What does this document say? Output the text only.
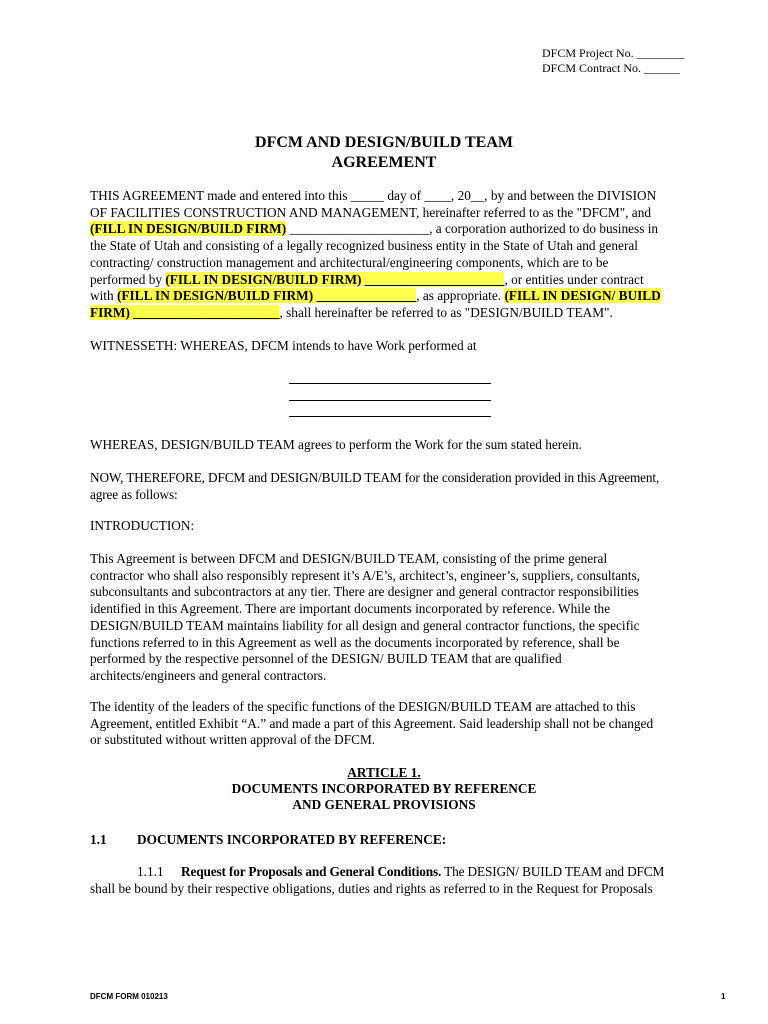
DFCM Project No. ________
DFCM Contract No. ______
DFCM AND DESIGN/BUILD TEAM
AGREEMENT
THIS AGREEMENT made and entered into this _____ day of ____, 20__, by and between the DIVISION
OF FACILITIES CONSTRUCTION AND MANAGEMENT, hereinafter referred to as the "DFCM", and
(FILL IN DESIGN/BUILD FIRM) _____________________, a corporation authorized to do business in
the State of Utah and consisting of a legally recognized business entity in the State of Utah and general
contracting/ construction management and architectural/engineering components, which are to be
performed by (FILL IN DESIGN/BUILD FIRM) _____________________, or entities under contract
with (FILL IN DESIGN/BUILD FIRM) _______________, as appropriate. (FILL IN DESIGN/ BUILD
FIRM) ______________________, shall hereinafter be referred to as "DESIGN/BUILD TEAM".
WITNESSETH: WHEREAS, DFCM intends to have Work performed at
WHEREAS, DESIGN/BUILD TEAM agrees to perform the Work for the sum stated herein.
NOW, THEREFORE, DFCM and DESIGN/BUILD TEAM for the consideration provided in this Agreement,
agree as follows:
INTRODUCTION:
This Agreement is between DFCM and DESIGN/BUILD TEAM, consisting of the prime general
contractor who shall also responsibly represent it’s A/E’s, architect’s, engineer’s, suppliers, consultants,
subconsultants and subcontractors at any tier. There are designer and general contractor responsibilities
identified in this Agreement. There are important documents incorporated by reference. While the
DESIGN/BUILD TEAM maintains liability for all design and general contractor functions, the specific
functions referred to in this Agreement as well as the documents incorporated by reference, shall be
performed by the respective personnel of the DESIGN/ BUILD TEAM that are qualified
architects/engineers and general contractors.
The identity of the leaders of the specific functions of the DESIGN/BUILD TEAM are attached to this
Agreement, entitled Exhibit “A.” and made a part of this Agreement. Said leadership shall not be changed
or substituted without written approval of the DFCM.
ARTICLE 1.
DOCUMENTS INCORPORATED BY REFERENCE
AND GENERAL PROVISIONS
1.1 DOCUMENTS INCORPORATED BY REFERENCE:
1.1.1 Request for Proposals and General Conditions. The DESIGN/ BUILD TEAM and DFCM
shall be bound by their respective obligations, duties and rights as referred to in the Request for Proposals
DFCM FORM 010213	1
